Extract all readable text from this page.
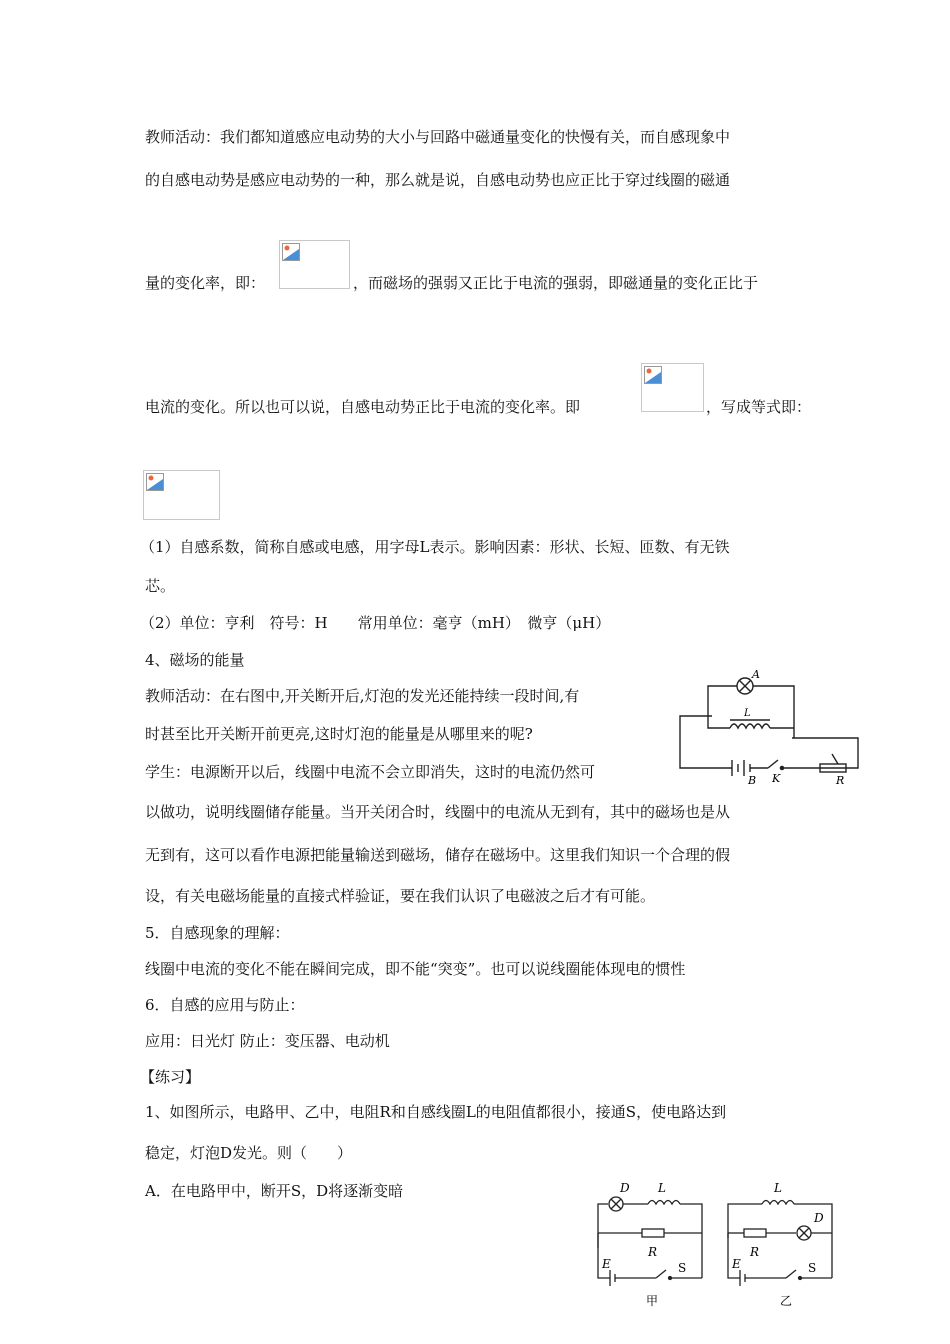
教师活动：我们都知道感应电动势的大小与回路中磁通量变化的快慢有关，而自感现象中
的自感电动势是感应电动势的一种，那么就是说，自感电动势也应正比于穿过线圈的磁通
量的变化率，即：	，而磁场的强弱又正比于电流的强弱，即磁通量的变化正比于
电流的变化。所以也可以说，自感电动势正比于电流的变化率。即	，写成等式即：
（1）自感系数，简称自感或电感，用字母L表示。影响因素：形状、长短、匝数、有无铁
芯。
（2）单位：亨利　符号：H　　常用单位：毫亨（mH）　微亨（μH）
4、磁场的能量
教师活动：在右图中,开关断开后,灯泡的发光还能持续一段时间,有
时甚至比开关断开前更亮,这时灯泡的能量是从哪里来的呢?
学生：电源断开以后，线圈中电流不会立即消失，这时的电流仍然可
以做功，说明线圈储存能量。当开关闭合时，线圈中的电流从无到有，其中的磁场也是从
无到有，这可以看作电源把能量输送到磁场，储存在磁场中。这里我们知识一个合理的假
设，有关电磁场能量的直接式样验证，要在我们认识了电磁波之后才有可能。
A
L
B K	R
5．自感现象的理解：
线圈中电流的变化不能在瞬间完成，即不能“突变”。也可以说线圈能体现电的惯性
6．自感的应用与防止：
应用：日光灯 防止：变压器、电动机
【练习】
1、如图所示，电路甲、乙中，电阻R和自感线圈L的电阻值都很小，接通S，使电路达到
稳定，灯泡D发光。则（　　）
A．在电路甲中，断开S，D将逐渐变暗	D L
R
E	S
甲
L
D
R
E	S
乙
